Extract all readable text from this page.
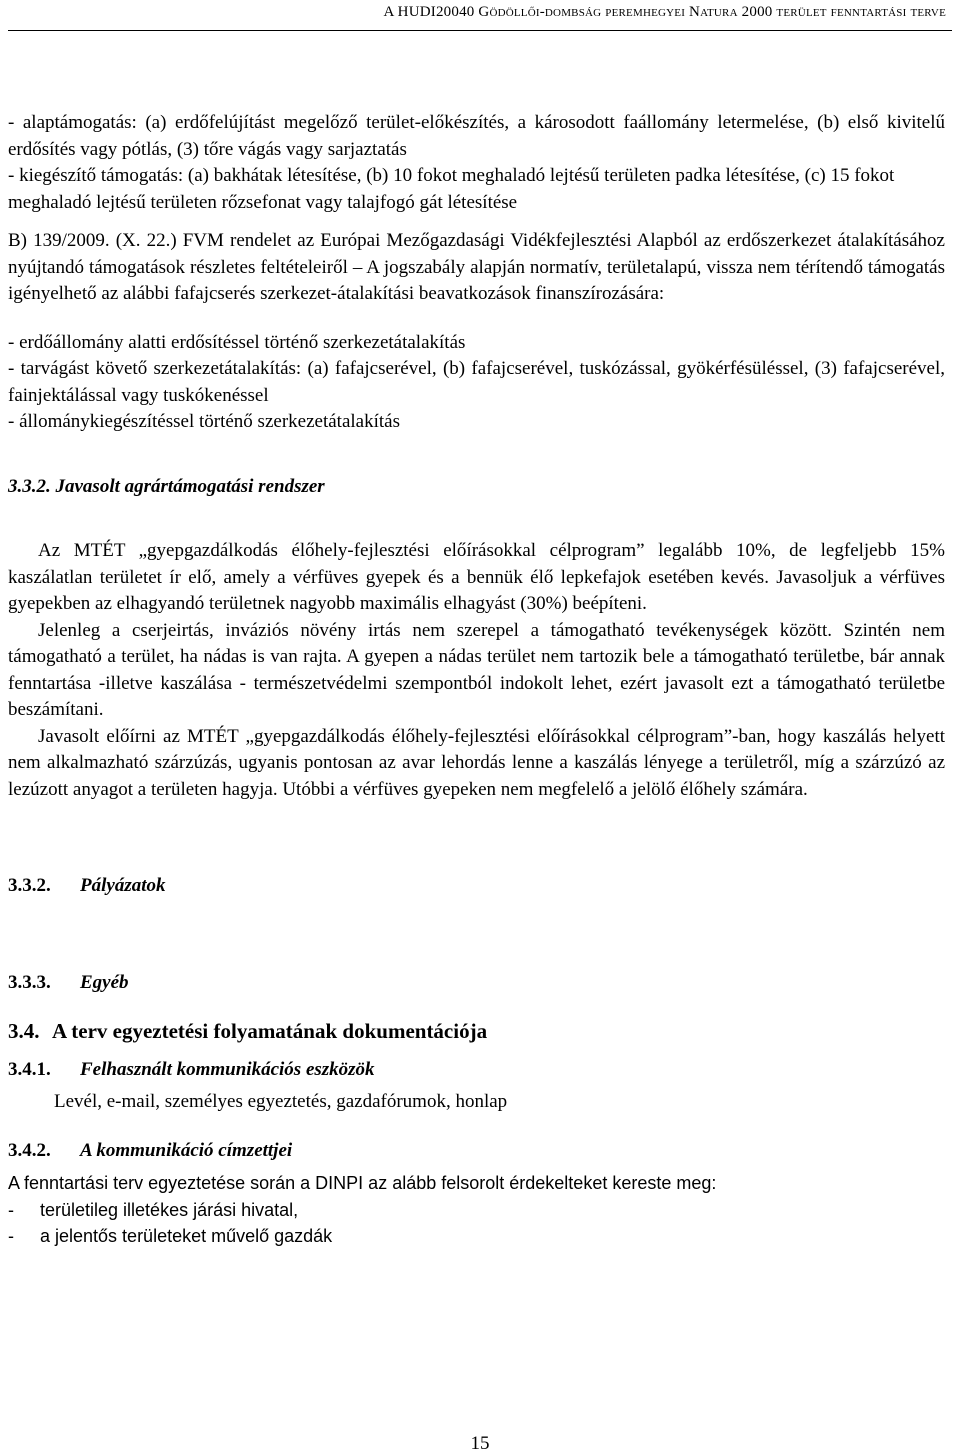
A HUDI20040 Gödöllői-dombság peremhegyei Natura 2000 terület fenntartási terve

- alaptámogatás: (a) erdőfelújítást megelőző terület-előkészítés, a károsodott faállomány letermelése, (b) első kivitelű erdősítés vagy pótlás, (3) tőre vágás vagy sarjaztatás

- kiegészítő támogatás: (a) bakhátak létesítése, (b) 10 fokot meghaladó lejtésű területen padka létesítése, (c) 15 fokot meghaladó lejtésű területen rőzsefonat vagy talajfogó gát létesítése

B) 139/2009. (X. 22.) FVM rendelet az Európai Mezőgazdasági Vidékfejlesztési Alapból az erdőszerkezet átalakításához nyújtandó támogatások részletes feltételeiről – A jogszabály alapján normatív, területalapú, vissza nem térítendő támogatás igényelhető az alábbi fafajcserés szerkezet-átalakítási beavatkozások finanszírozására:

- erdőállomány alatti erdősítéssel történő szerkezetátalakítás

- tarvágást követő szerkezetátalakítás: (a) fafajcserével, (b) fafajcserével, tuskózással, gyökérfésüléssel, (3) fafajcserével, fainjektálással vagy tuskókenéssel

- állománykiegészítéssel történő szerkezetátalakítás

3.3.2. Javasolt agrártámogatási rendszer

Az MTÉT „gyepgazdálkodás élőhely-fejlesztési előírásokkal célprogram” legalább 10%, de legfeljebb 15% kaszálatlan területet ír elő, amely a vérfüves gyepek és a bennük élő lepkefajok esetében kevés. Javasoljuk a vérfüves gyepekben az elhagyandó területnek nagyobb maximális elhagyást (30%) beépíteni.

Jelenleg a cserjeirtás, inváziós növény irtás nem szerepel a támogatható tevékenységek között. Szintén nem támogatható a terület, ha nádas is van rajta. A gyepen a nádas terület nem tartozik bele a támogatható területbe, bár annak fenntartása -illetve kaszálása - természetvédelmi szempontból indokolt lehet, ezért javasolt ezt a támogatható területbe beszámítani.

Javasolt előírni az MTÉT „gyepgazdálkodás élőhely-fejlesztési előírásokkal célprogram”-ban, hogy kaszálás helyett nem alkalmazható szárzúzás, ugyanis pontosan az avar lehordás lenne a kaszálás lényege a területről, míg a szárzúzó az lezúzott anyagot a területen hagyja. Utóbbi a vérfüves gyepeken nem megfelelő a jelölő élőhely számára.

3.3.2. Pályázatok

3.3.3. Egyéb

3.4. A terv egyeztetési folyamatának dokumentációja

3.4.1. Felhasznált kommunikációs eszközök

Levél, e-mail, személyes egyeztetés, gazdafórumok, honlap

3.4.2. A kommunikáció címzettjei

A fenntartási terv egyeztetése során a DINPI az alább felsorolt érdekelteket kereste meg:

-	területileg illetékes járási hivatal,
-	a jelentős területeket művelő gazdák
15
